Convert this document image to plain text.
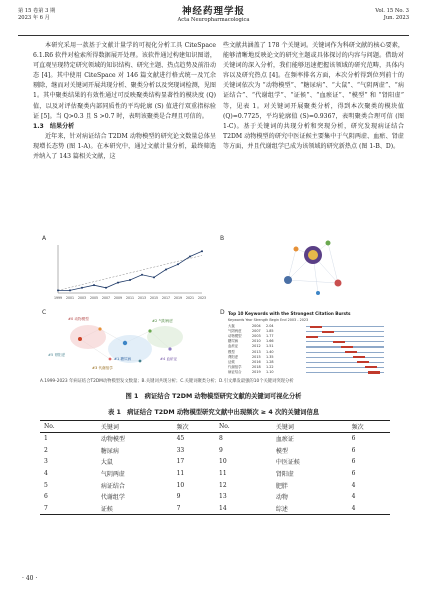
第 15 卷第 3 期
2023 年 6 月
神经药理学报
Acta Neuropharmacologica
Vol. 15 No. 3
Jun. 2023

本研究采用一款基于文献计量学的可视化分析工具 CiteSpace 6.1.R6 软件对检索所得数据展开处理。该软件通过构建知识图谱，可直观呈现特定研究领域的知识结构、研究主题、热点趋势及前沿动态 [4]。其中使用 CiteSpace 对 146 篇文献进行格式统一及冗余剔除，继而对关键词开展共现分析、聚类分析以及突现词检测，见图 1。其中聚类结果的有效性通过可反映聚类结构显著性的模块度 (Q) 值，以及对评估聚类内部同质性的平均轮廓 (S) 值进行双重指标验证 [5]。当 Q>0.3 且 S >0.7 时，表明该聚类是合理且可信的。

1.3　结果分析

近年来，针对病证结合 T2DM 动物模型的研究论文数量总体呈现增长态势 (图 1-A)。在本研究中，通过文献计量分析，最终筛选并纳入了 143 篇相关文献，这

些文献共涵盖了 178 个关键词。关键词作为科研文献的核心要素，能够清晰地反映论文的研究主题或具体探讨的内容与问题。借助对关键词的深入分析，我们能够迅速把握该领域的研究范畴，具体内容以及研究热点 [4]。在频率排名方面，本次分析得到位列前十的关键词依次为 “动物模型”、“糖尿病”、“大鼠”、“气阴两虚”、“病证结合”、“代谢组学”、“证候”、“血瘀证”、“模型” 和 “肾阳虚” 等，见表 1。对关键词开展聚类分析，得到本次聚类的模块值 (Q)=0.7725，平均轮廓值 (S)=0.9367，表明聚类合理可信 (图 1-C)。基于关键词的共现分析和突现分析，研究发现病证结合 T2DM 动物模型的研究中医证候主要集中于气阴两虚、血瘀、肾虚等方面，并且代谢组学已成为该领域的研究新热点 (图 1-B、D)。

1999 2001 2003 2005 2007 2009 2011 2013 2015 2017 2019 2021 2023
A	B
#0 动物模型
#1 糖尿病
#2 气阴两虚
#3 代谢组学
#4 血瘀证
#5 肾阳虚
C	Top 10 Keywords with the Strongest Citation Bursts
Keywords Year Strength Begin End 2003 - 2023
大鼠	2004 2.04
气阴两虚	2007 1.85
动物模型	2003 1.77
糖尿病	2010 1.66
血瘀证	2012 1.51
模型	2013 1.40
肾阳虚	2015 1.35
证候	2016 1.28
代谢组学	2018 1.22
病证结合	2019 1.10
D
A.1999-2023 年病证结合T2DM动物模型发文数量；B.关键词共现分析；C.关键词聚类分析；D.引文爆发最强的10个关键词突现分析
图 1　病证结合 T2DM 动物模型研究文献的关键词可视化分析
表 1　病证结合 T2DM 动物模型研究文献中出现频次 ≥ 4 次的关键词信息
No.	关键词	频次	No.	关键词	频次
1	动物模型	45	8	血瘀证	6
2	糖尿病	33	9	模型	6
3	大鼠	17	10	中医证候	6
4	气阴两虚	11	11	肾阳虚	6
5	病证结合	10	12	肥胖	4
6	代谢组学	9	13	动物	4
7	证候	7	14	综述	4
· 40 ·
